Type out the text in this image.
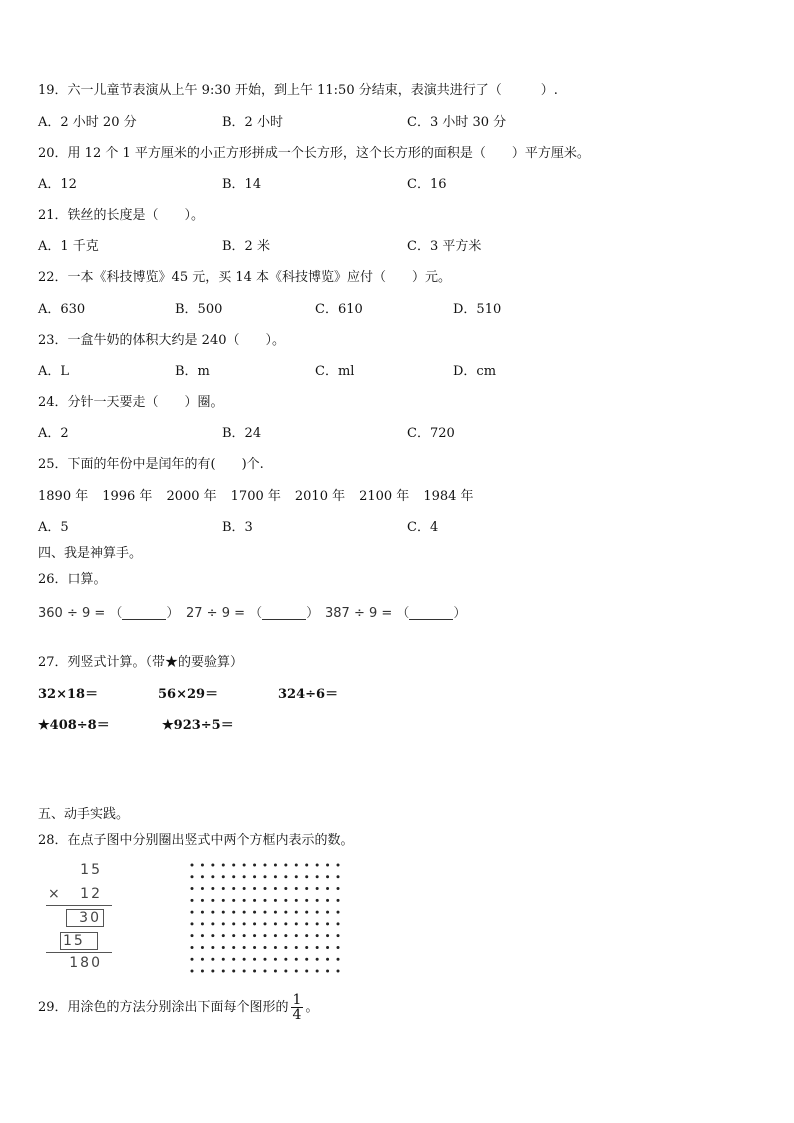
19．六一儿童节表演从上午 9:30 开始，到上午 11:50 分结束，表演共进行了（　　　）.
A．2 小时 20 分	B．2 小时	C．3 小时 30 分
20．用 12 个 1 平方厘米的小正方形拼成一个长方形，这个长方形的面积是（　　）平方厘米。
A．12	B．14	C．16
21．铁丝的长度是（　　）。
A．1 千克	B．2 米	C．3 平方米
22．一本《科技博览》45 元，买 14 本《科技博览》应付（　　）元。
A．630	B．500	C．610	D．510
23．一盒牛奶的体积大约是 240（　　）。
A．L	B．m	C．ml	D．cm
24．分针一天要走（　　）圈。
A．2	B．24	C．720
25．下面的年份中是闰年的有(　　)个.
1890 年 1996 年 2000 年 1700 年 2010 年 2100 年 1984 年
A．5	B．3	C．4
四、我是神算手。
26．口算。
360 ÷ 9 = （	） 27 ÷ 9 = （	） 387 ÷ 9 = （	）
27．列竖式计算。（带★的要验算）
32×18＝	56×29＝	324÷6＝
★408÷8＝	★923÷5＝
五、动手实践。
28．在点子图中分别圈出竖式中两个方框内表示的数。
15
× 12
30
15
180
29．用涂色的方法分别涂出下面每个图形的 $\frac{1}{4}$ 。
